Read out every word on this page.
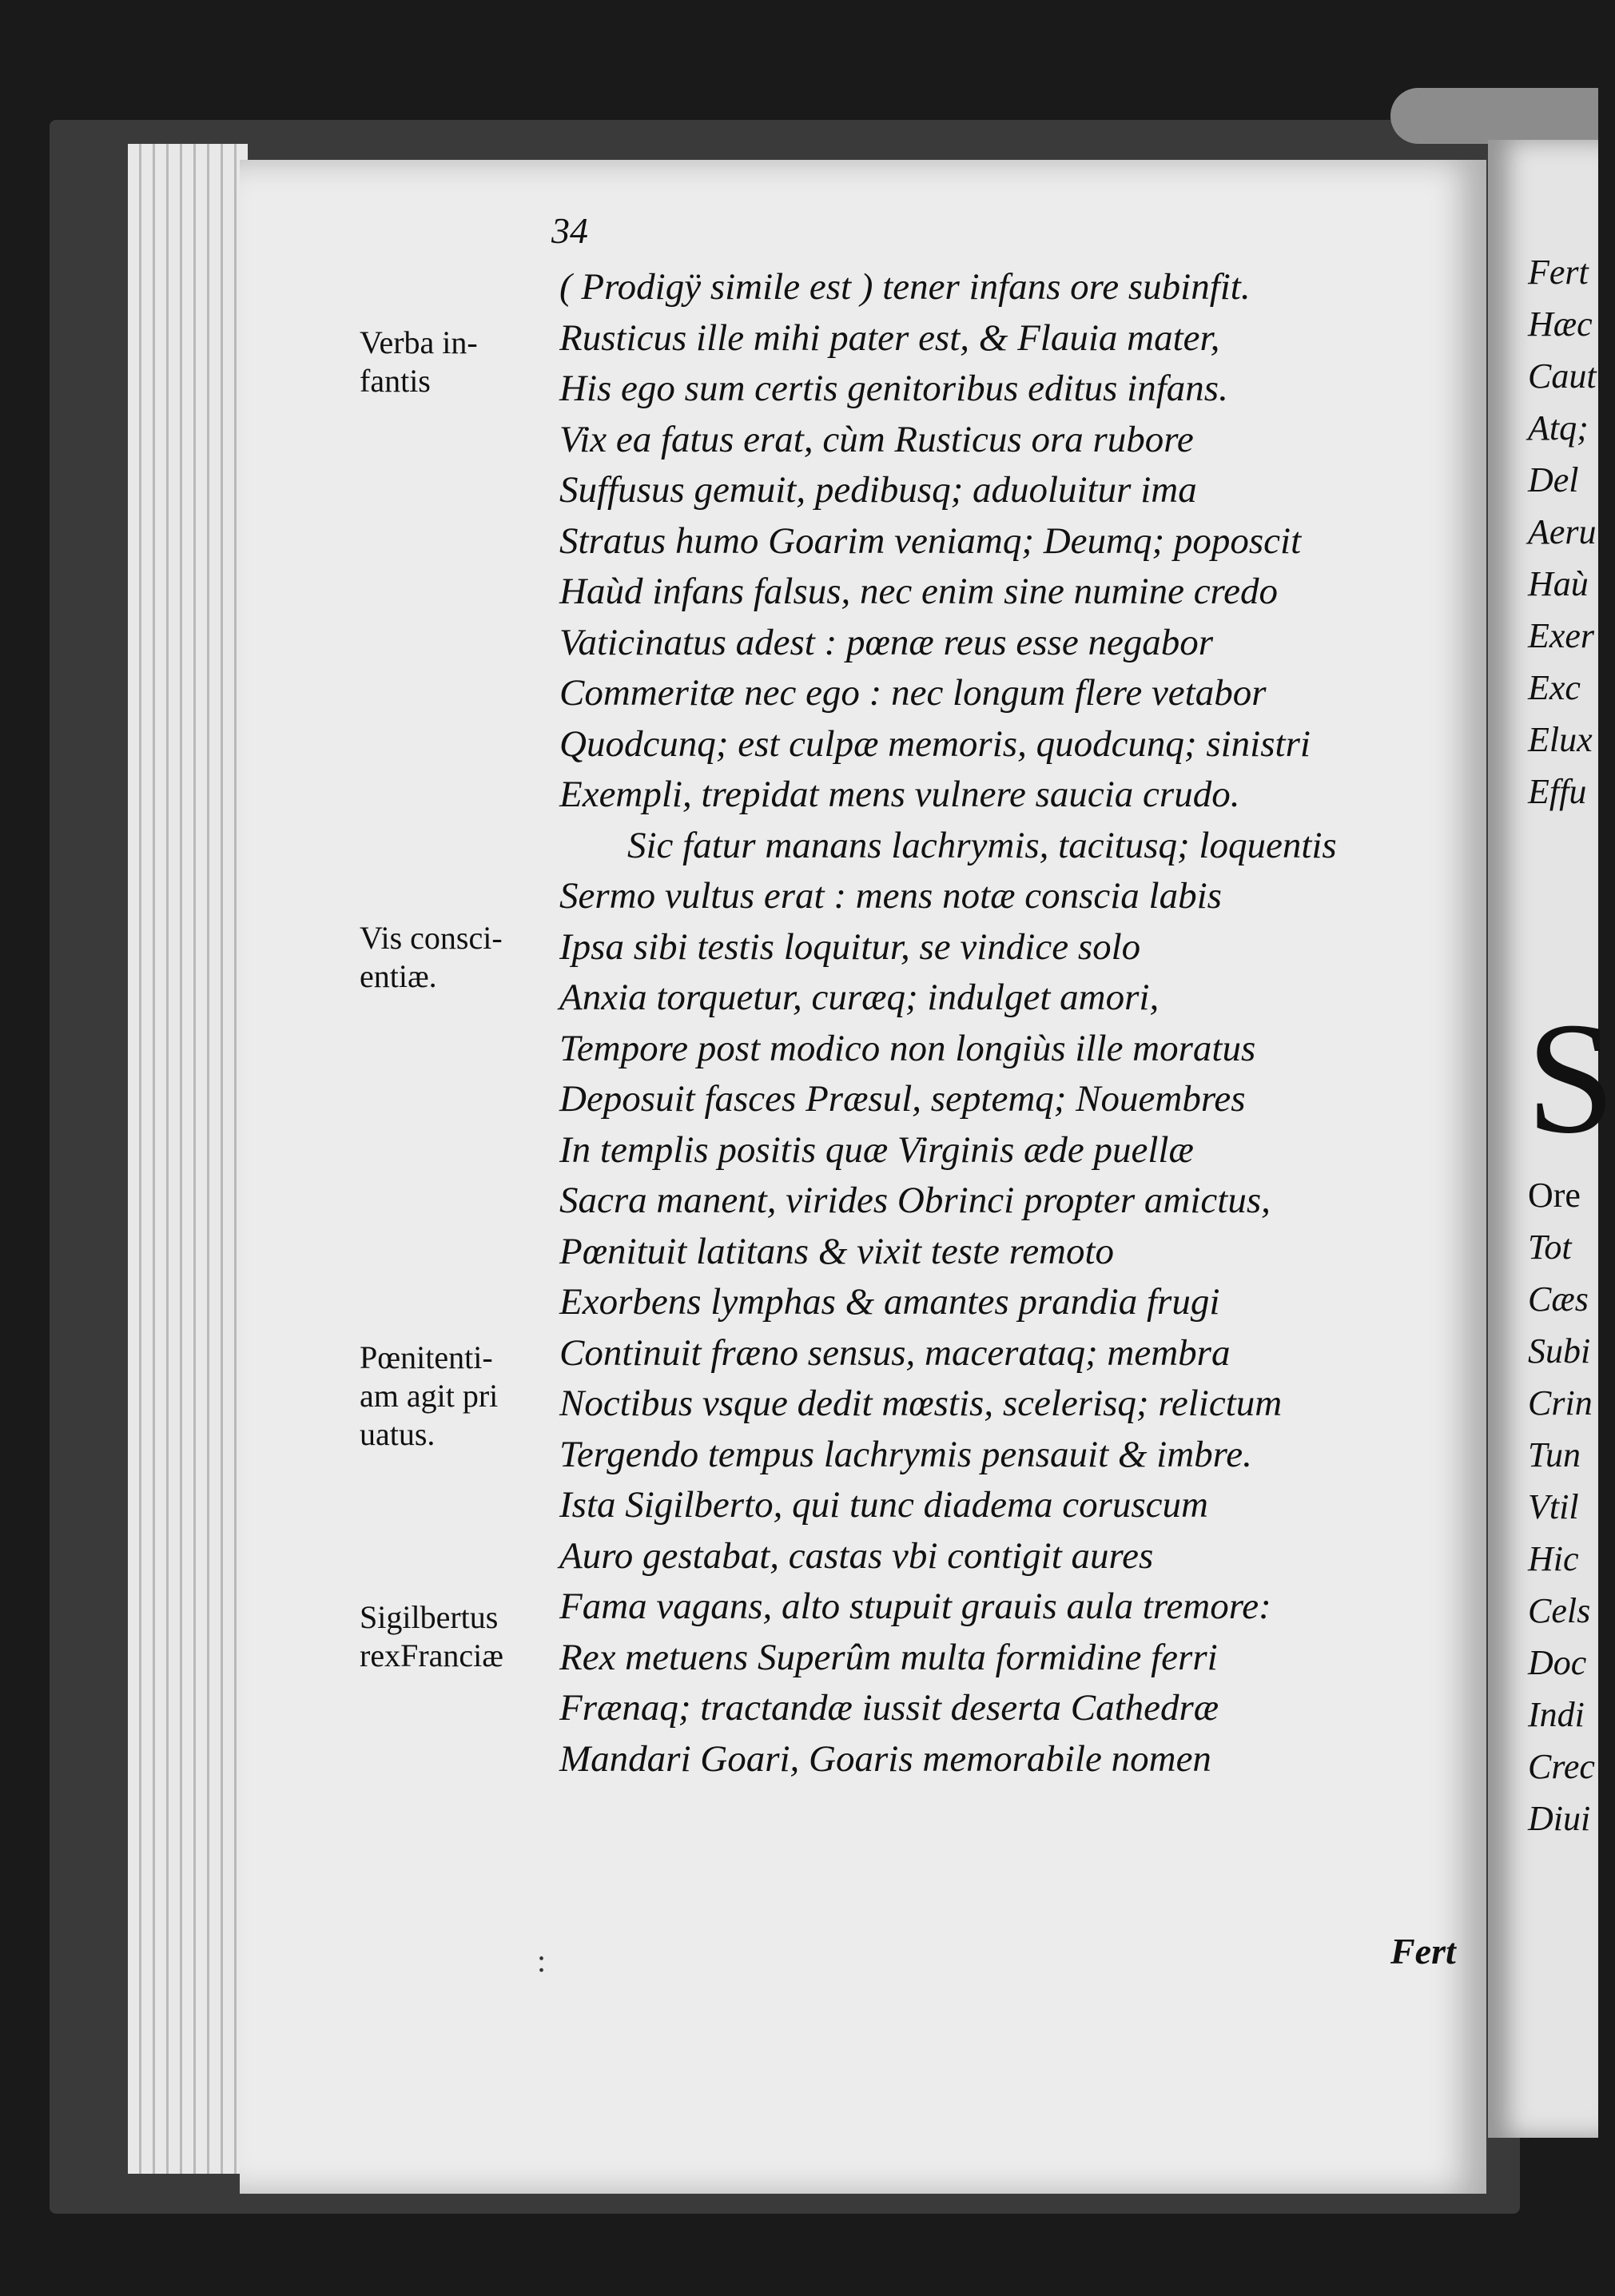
34
( Prodigÿ simile est ) tener infans ore subinfit.
Rusticus ille mihi pater est, & Flauia mater,
His ego sum certis genitoribus editus infans.
Vix ea fatus erat, cùm Rusticus ora rubore
Suffusus gemuit, pedibusq; aduoluitur ima
Stratus humo Goarim veniamq; Deumq; poposcit
Haùd infans falsus, nec enim sine numine credo
Vaticinatus adest : pœnæ reus esse negabor
Commeritæ nec ego : nec longum flere vetabor
Quodcunq; est culpæ memoris, quodcunq; sinistri
Exempli, trepidat mens vulnere saucia crudo.
Sic fatur manans lachrymis, tacitusq; loquentis
Sermo vultus erat : mens notæ conscia labis
Ipsa sibi testis loquitur, se vindice solo
Anxia torquetur, curæq; indulget amori,
Tempore post modico non longiùs ille moratus
Deposuit fasces Præsul, septemq; Nouembres
In templis positis quæ Virginis æde puellæ
Sacra manent, virides Obrinci propter amictus,
Pœnituit latitans & vixit teste remoto
Exorbens lymphas & amantes prandia frugi
Continuit fræno sensus, macerataq; membra
Noctibus vsque dedit mœstis, scelerisq; relictum
Tergendo tempus lachrymis pensauit & imbre.
Ista Sigilberto, qui tunc diadema coruscum
Auro gestabat, castas vbi contigit aures
Fama vagans, alto stupuit grauis aula tremore:
Rex metuens Superûm multa formidine ferri
Frænaq; tractandæ iussit deserta Cathedræ
Mandari Goari, Goaris memorabile nomen
Verba in-
fantis
Vis consci-
entiæ.
Pœnitenti-
am agit pri
uatus.
Sigilbertus
rexFranciæ
:	Fert
Fert
Hæc
Caut
Atq;
Del
Aeru
Haù
Exer
Exc
Elux
Effu
S
Ore
Tot
Cæs
Subi
Crin
Tun
Vtil
Hic
Cels
Doc
Indi
Crec
Diui
